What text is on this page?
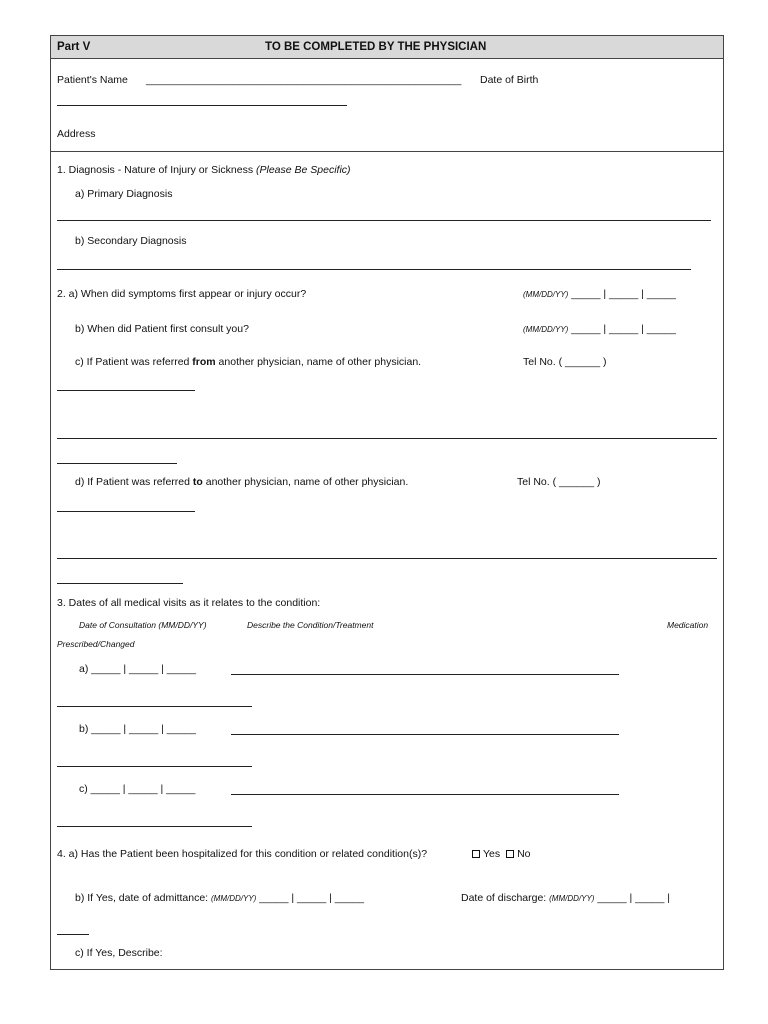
Part V	TO BE COMPLETED BY THE PHYSICIAN
Patient's Name ______________________________________________________ Date of Birth
Address
1. Diagnosis - Nature of Injury or Sickness (Please Be Specific)
a) Primary Diagnosis
b) Secondary Diagnosis
2. a) When did symptoms first appear or injury occur?	(MM/DD/YY) _____ | _____ | _____
b) When did Patient first consult you?	(MM/DD/YY) _____ | _____ | _____
c) If Patient was referred from another physician, name of other physician.	Tel No. ( ______ )
d) If Patient was referred to another physician, name of other physician.	Tel No. ( ______ )
3. Dates of all medical visits as it relates to the condition:
Date of Consultation (MM/DD/YY)	Describe the Condition/Treatment	Medication
Prescribed/Changed
a) _____ | _____ | _____
b) _____ | _____ | _____
c) _____ | _____ | _____
4. a) Has the Patient been hospitalized for this condition or related condition(s)?	Yes No
b) If Yes, date of admittance: (MM/DD/YY) _____ | _____ | _____	Date of discharge: (MM/DD/YY) _____ | _____ |
c) If Yes, Describe:
